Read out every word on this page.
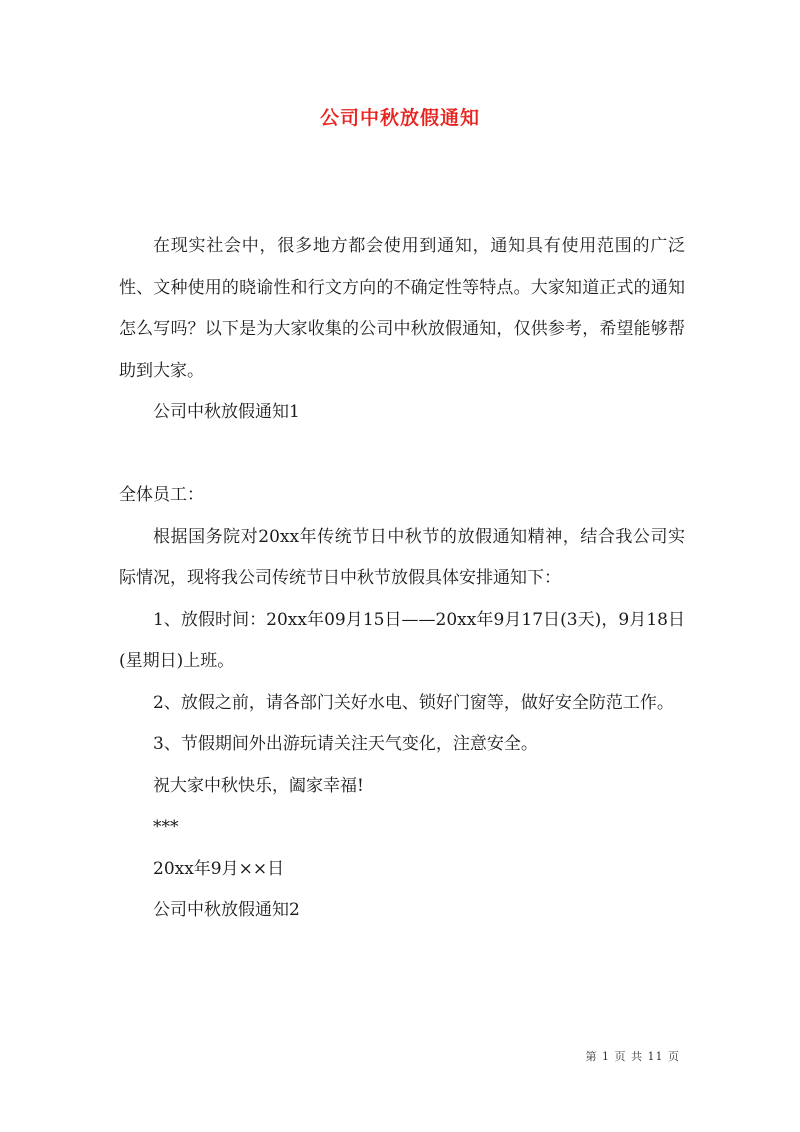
公司中秋放假通知

在现实社会中，很多地方都会使用到通知，通知具有使用范围的广泛性、文种使用的晓谕性和行文方向的不确定性等特点。大家知道正式的通知怎么写吗？以下是为大家收集的公司中秋放假通知，仅供参考，希望能够帮助到大家。

公司中秋放假通知1

全体员工：

根据国务院对20xx年传统节日中秋节的放假通知精神，结合我公司实际情况，现将我公司传统节日中秋节放假具体安排通知下：

1、放假时间：20xx年09月15日——20xx年9月17日(3天)，9月18日(星期日)上班。

2、放假之前，请各部门关好水电、锁好门窗等，做好安全防范工作。

3、节假期间外出游玩请关注天气变化，注意安全。

祝大家中秋快乐，阖家幸福!

***

20xx年9月××日

公司中秋放假通知2

第 1 页 共 11 页
